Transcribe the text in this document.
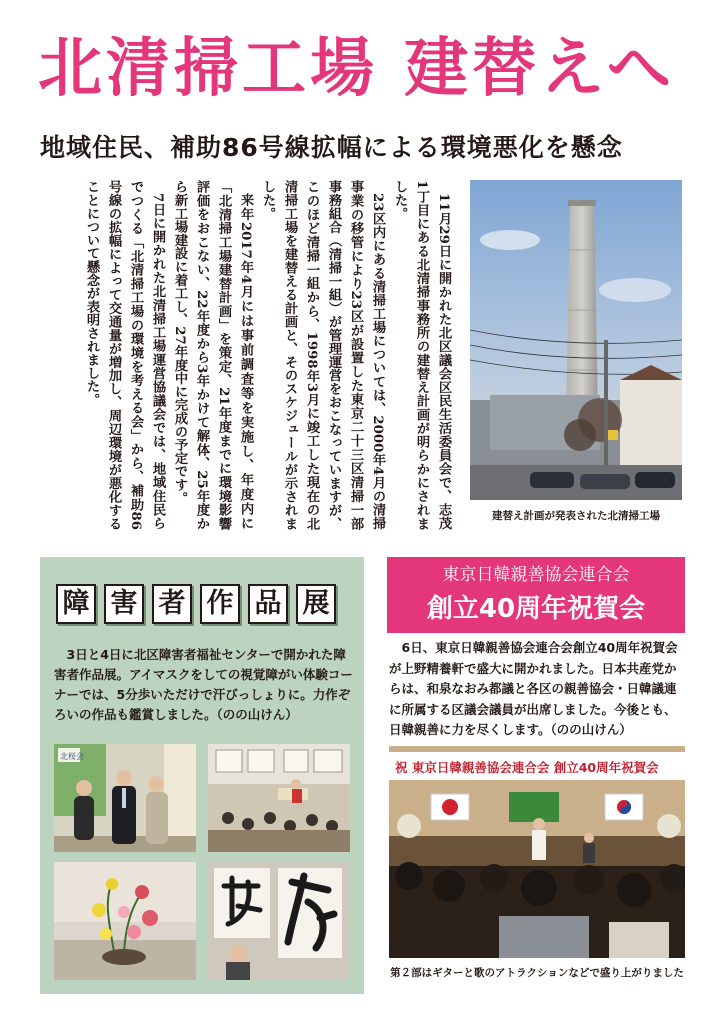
北清掃工場 建替えへ
地域住民、補助86号線拡幅による環境悪化を懸念

11月29日に開かれた北区議会区民生活委員会で、志茂1丁目にある北清掃事務所の建替え計画が明らかにされました。

23区内にある清掃工場については、2000年4月の清掃事業の移管により23区が設置した東京二十三区清掃一部事務組合（清掃一組）が管理運営をおこなっていますが、このほど清掃一組から、1998年3月に竣工した現在の北清掃工場を建替える計画と、そのスケジュールが示されました。

来年2017年4月には事前調査等を実施し、年度内に「北清掃工場建替計画」を策定、21年度までに環境影響評価をおこない、22年度から3年かけて解体、25年度から新工場建設に着工し、27年度中に完成の予定です。

7日に開かれた北清掃工場運営協議会では、地域住民らでつくる「北清掃工場の環境を考える会」から、補助86号線の拡幅によって交通量が増加し、周辺環境が悪化することについて懸念が表明されました。

建替え計画が発表された北清掃工場
障 害 者 作 品 展
3日と4日に北区障害者福祉センターで開かれた障害者作品展。アイマスクをしての視覚障がい体験コーナーでは、5分歩いただけで汗びっしょりに。力作ぞろいの作品も鑑賞しました。（のの山けん）
北桜会
東京日韓親善協会連合会
創立40周年祝賀会
6日、東京日韓親善協会連合会創立40周年祝賀会が上野精養軒で盛大に開かれました。日本共産党からは、和泉なおみ都議と各区の親善協会・日韓議連に所属する区議会議員が出席しました。今後とも、日韓親善に力を尽くします。（のの山けん）
祝 東京日韓親善協会連合会 創立40周年祝賀会
第２部はギターと歌のアトラクションなどで盛り上がりました
